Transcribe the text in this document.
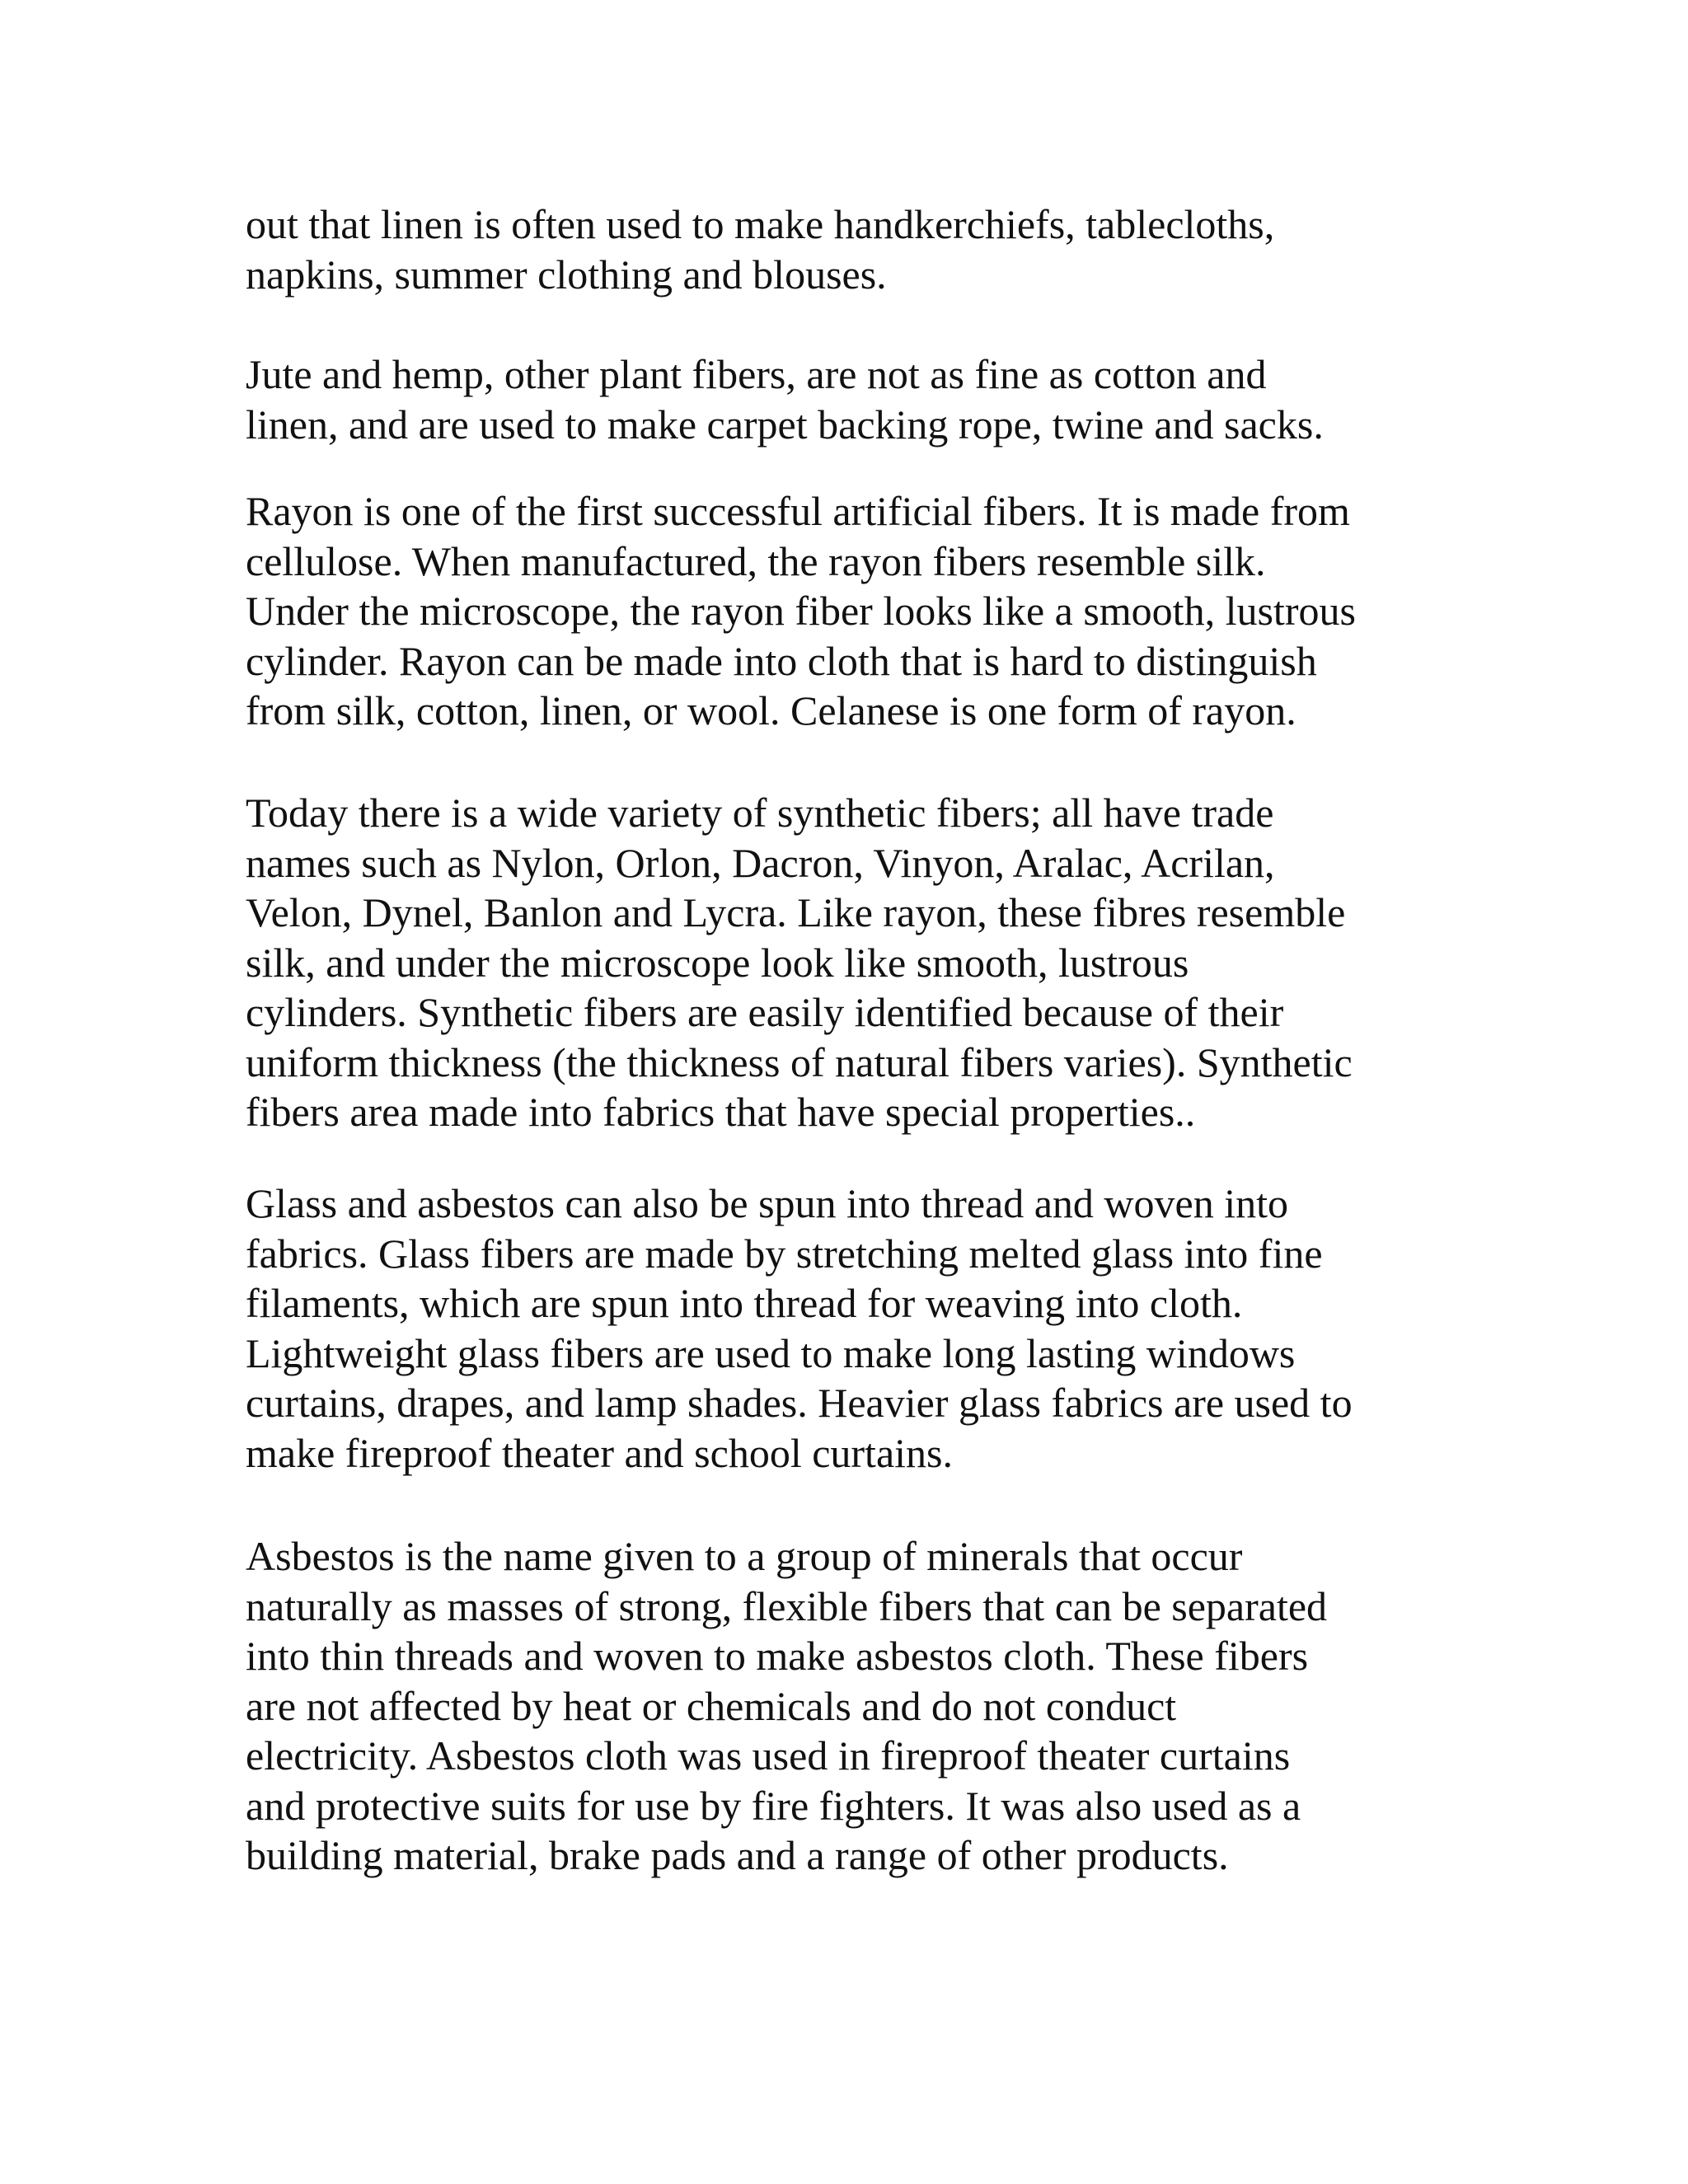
out that linen is often used to make handkerchiefs, tablecloths,
napkins, summer clothing and blouses.

Jute and hemp, other plant fibers, are not as fine as cotton and
linen, and are used to make carpet backing rope, twine and sacks.

Rayon is one of the first successful artificial fibers. It is made from
cellulose. When manufactured, the rayon fibers resemble silk.
Under the microscope, the rayon fiber looks like a smooth, lustrous
cylinder. Rayon can be made into cloth that is hard to distinguish
from silk, cotton, linen, or wool. Celanese is one form of rayon.

Today there is a wide variety of synthetic fibers; all have trade
names such as Nylon, Orlon, Dacron, Vinyon, Aralac, Acrilan,
Velon, Dynel, Banlon and Lycra. Like rayon, these fibres resemble
silk, and under the microscope look like smooth, lustrous
cylinders. Synthetic fibers are easily identified because of their
uniform thickness (the thickness of natural fibers varies). Synthetic
fibers area made into fabrics that have special properties..

Glass and asbestos can also be spun into thread and woven into
fabrics. Glass fibers are made by stretching melted glass into fine
filaments, which are spun into thread for weaving into cloth.
Lightweight glass fibers are used to make long lasting windows
curtains, drapes, and lamp shades. Heavier glass fabrics are used to
make fireproof theater and school curtains.

Asbestos is the name given to a group of minerals that occur
naturally as masses of strong, flexible fibers that can be separated
into thin threads and woven to make asbestos cloth. These fibers
are not affected by heat or chemicals and do not conduct
electricity. Asbestos cloth was used in fireproof theater curtains
and protective suits for use by fire fighters. It was also used as a
building material, brake pads and a range of other products.
